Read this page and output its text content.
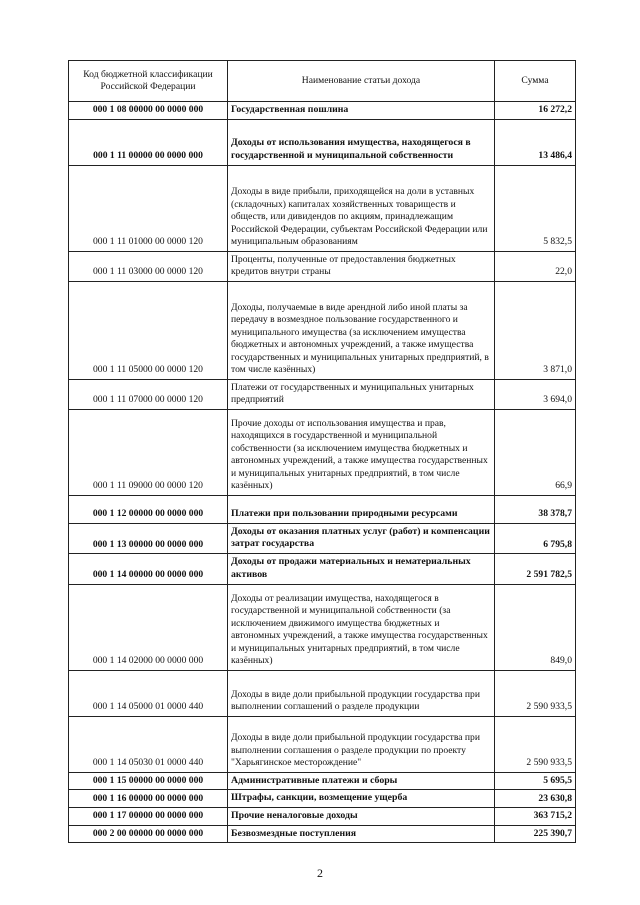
Код бюджетной классификации Российской Федерации	Наименование статьи дохода	Сумма
000 1 08 00000 00 0000 000	Государственная пошлина	16 272,2
000 1 11 00000 00 0000 000	Доходы от использования имущества, находящегося в государственной и муниципальной собственности	13 486,4
000 1 11 01000 00 0000 120	Доходы в виде прибыли, приходящейся на доли в уставных (складочных) капиталах хозяйственных товариществ и обществ, или дивидендов по акциям, принадлежащим Российской Федерации, субъектам Российской Федерации или муниципальным образованиям	5 832,5
000 1 11 03000 00 0000 120	Проценты, полученные от предоставления бюджетных кредитов внутри страны	22,0
000 1 11 05000 00 0000 120	Доходы, получаемые в виде арендной либо иной платы за передачу в возмездное пользование государственного и муниципального имущества (за исключением имущества бюджетных и автономных учреждений, а также имущества государственных и муниципальных унитарных предприятий, в том числе казённых)	3 871,0
000 1 11 07000 00 0000 120	Платежи от государственных и муниципальных унитарных предприятий	3 694,0
000 1 11 09000 00 0000 120	Прочие доходы от использования имущества и прав, находящихся в государственной и муниципальной собственности (за исключением имущества бюджетных и автономных учреждений, а также имущества государственных и муниципальных унитарных предприятий, в том числе казённых)	66,9
000 1 12 00000 00 0000 000	Платежи при пользовании природными ресурсами	38 378,7
000 1 13 00000 00 0000 000	Доходы от оказания платных услуг (работ) и компенсации затрат государства	6 795,8
000 1 14 00000 00 0000 000	Доходы от продажи материальных и нематериальных активов	2 591 782,5
000 1 14 02000 00 0000 000	Доходы от реализации имущества, находящегося в государственной и муниципальной собственности (за исключением движимого имущества бюджетных и автономных учреждений, а также имущества государственных и муниципальных унитарных предприятий, в том числе казённых)	849,0
000 1 14 05000 01 0000 440	Доходы в виде доли прибыльной продукции государства при выполнении соглашений о разделе продукции	2 590 933,5
000 1 14 05030 01 0000 440	Доходы в виде доли прибыльной продукции государства при выполнении соглашения о разделе продукции по проекту "Харьягинское месторождение"	2 590 933,5
000 1 15 00000 00 0000 000	Административные платежи и сборы	5 695,5
000 1 16 00000 00 0000 000	Штрафы, санкции, возмещение ущерба	23 630,8
000 1 17 00000 00 0000 000	Прочие неналоговые доходы	363 715,2
000 2 00 00000 00 0000 000	Безвозмездные поступления	225 390,7
2
